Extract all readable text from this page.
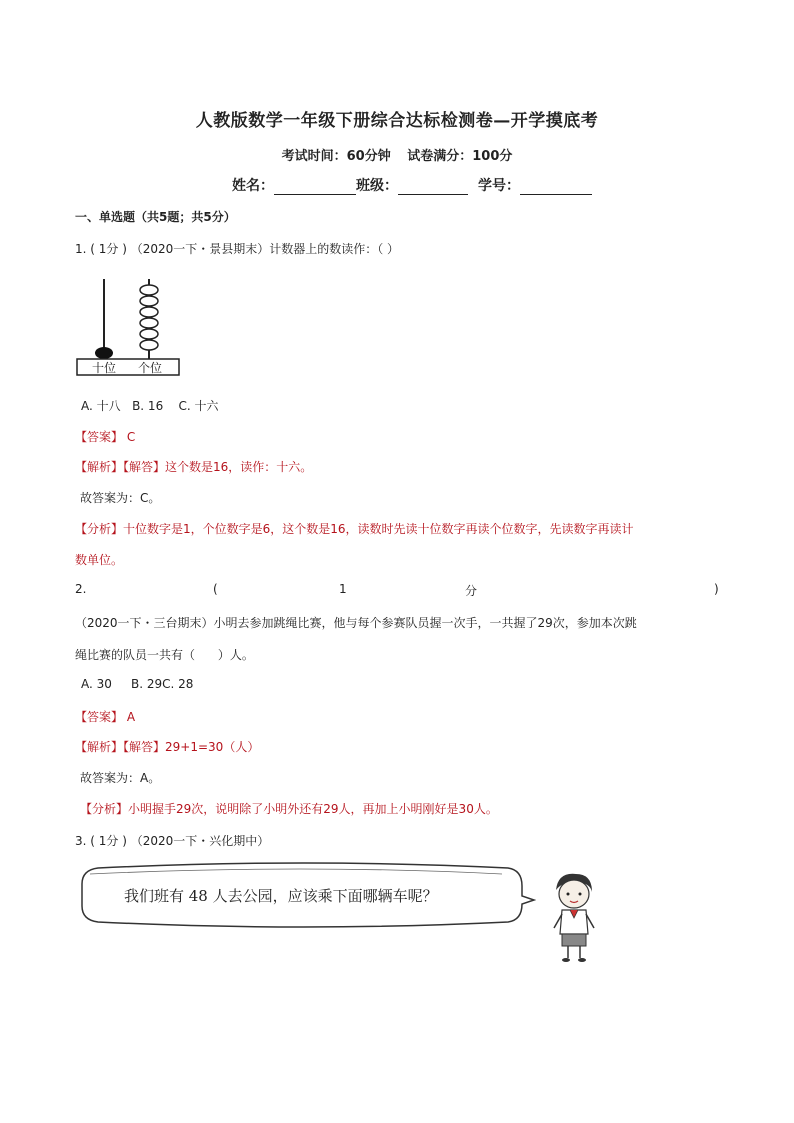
人教版数学一年级下册综合达标检测卷—开学摸底考
考试时间：60分钟 试卷满分：100分
姓名：	班级：	学号：
一、单选题（共5题；共5分）
1. ( 1分 ) （2020一下・景县期末）计数器上的数读作：（ ）
十位 个位
A. 十八   B. 16    C. 十六
【答案】 C
【解析】【解答】这个数是16，读作：十六。
故答案为：C。
【分析】十位数字是1，个位数字是6，这个数是16，读数时先读十位数字再读个位数字，先读数字再读计
数单位。
2.	(	1	分	)
（2020一下・三台期末）小明去参加跳绳比赛，他与每个参赛队员握一次手，一共握了29次，参加本次跳
绳比赛的队员一共有（      ）人。
A. 30     B. 29C. 28
【答案】 A
【解析】【解答】29+1=30（人）
故答案为：A。
【分析】小明握手29次，说明除了小明外还有29人，再加上小明刚好是30人。
3. ( 1分 ) （2020一下・兴化期中）
我们班有 48 人去公园，应该乘下面哪辆车呢？
